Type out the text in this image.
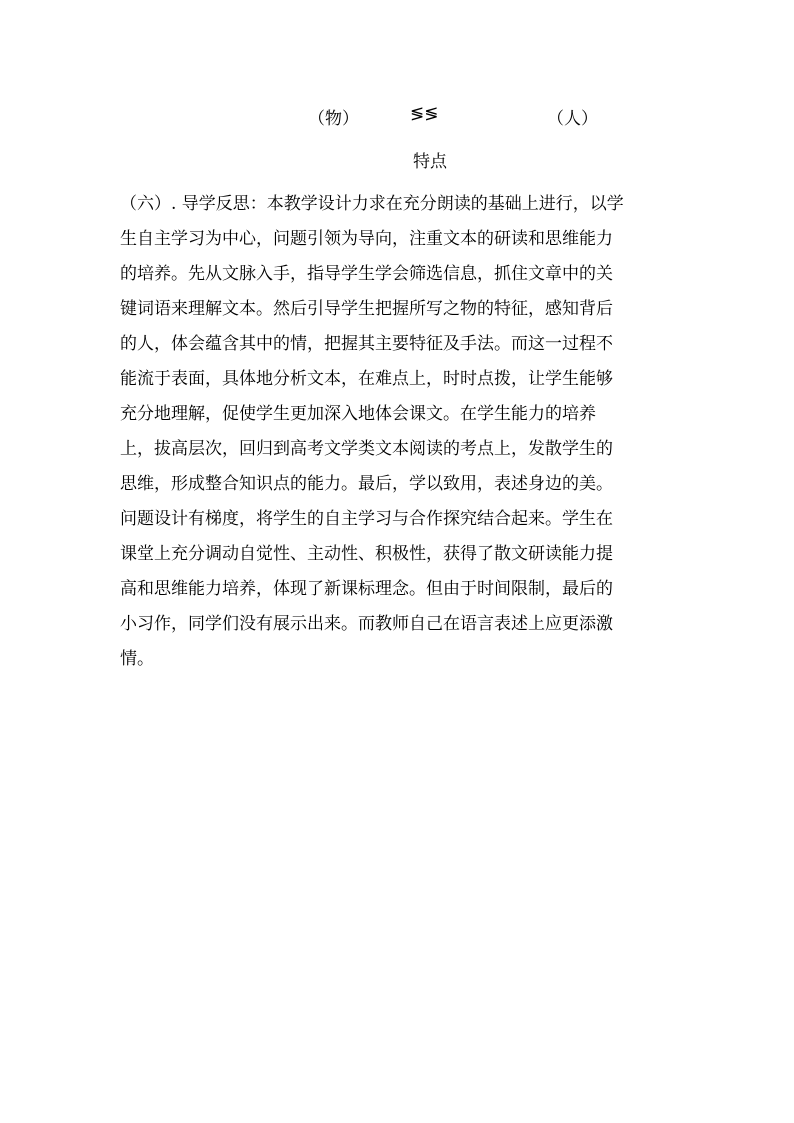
（物）	≶≶	（人）
特点
（六）. 导学反思：本教学设计力求在充分朗读的基础上进行，以学
生自主学习为中心，问题引领为导向，注重文本的研读和思维能力
的培养。先从文脉入手，指导学生学会筛选信息，抓住文章中的关
键词语来理解文本。然后引导学生把握所写之物的特征，感知背后
的人，体会蕴含其中的情，把握其主要特征及手法。而这一过程不
能流于表面，具体地分析文本，在难点上，时时点拨，让学生能够
充分地理解，促使学生更加深入地体会课文。在学生能力的培养
上，拔高层次，回归到高考文学类文本阅读的考点上，发散学生的
思维，形成整合知识点的能力。最后，学以致用，表述身边的美。
问题设计有梯度，将学生的自主学习与合作探究结合起来。学生在
课堂上充分调动自觉性、主动性、积极性，获得了散文研读能力提
高和思维能力培养，体现了新课标理念。但由于时间限制，最后的
小习作，同学们没有展示出来。而教师自己在语言表述上应更添激
情。
